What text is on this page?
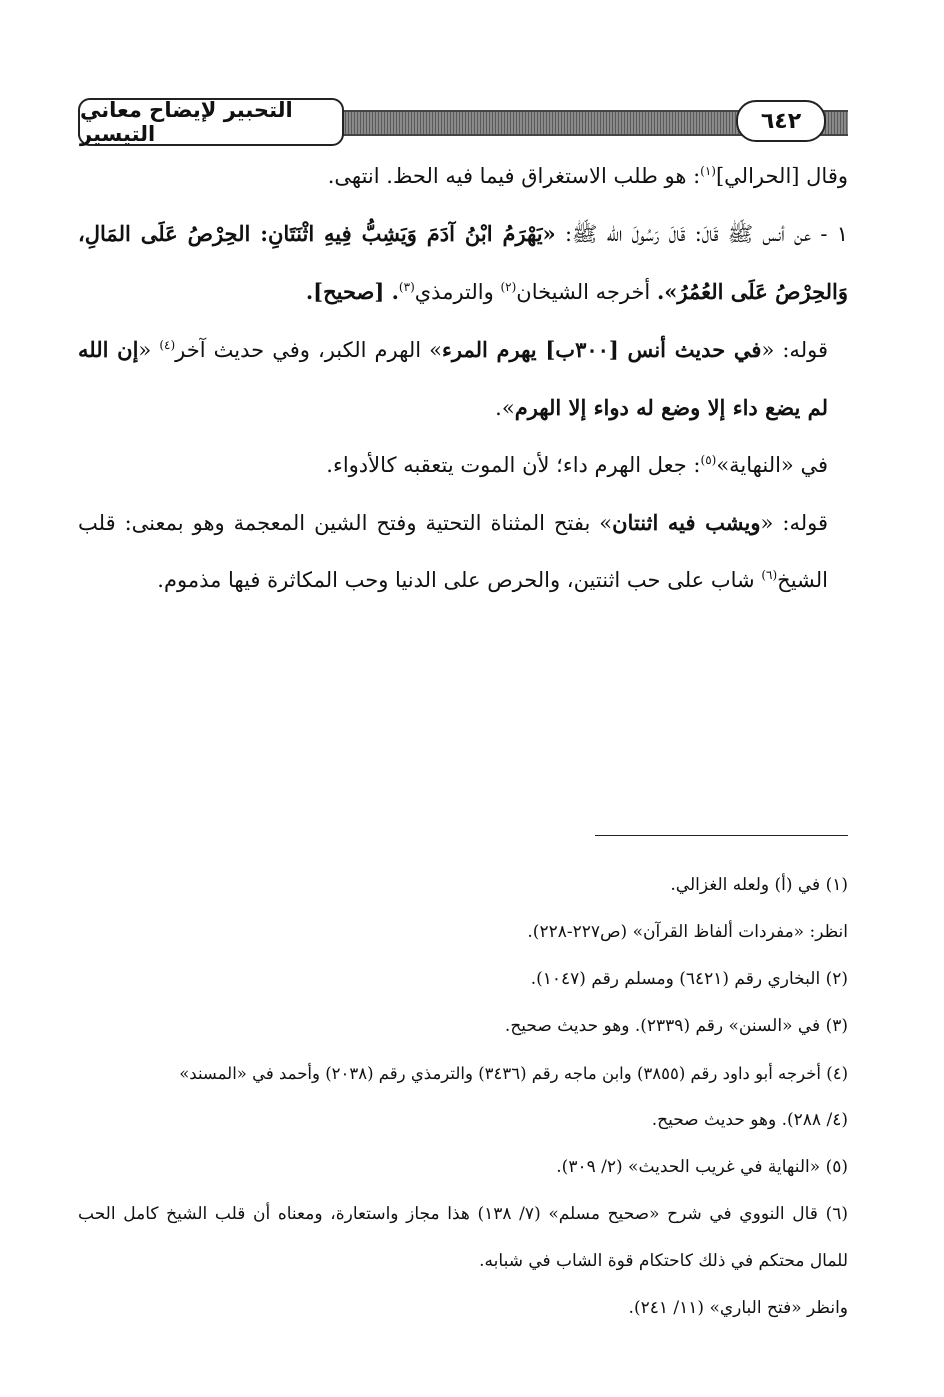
التحبير لإيضاح معاني التيسير
٦٤٢

وقال [الحرالي]$^{(١)}$: هو طلب الاستغراق فيما فيه الحظ. انتهى.

١ - عن أنس ﷺ قَالَ: قَالَ رَسُولَ الله ﷺ: «يَهْرَمُ ابْنُ آدَمَ وَيَشِبُّ فِيهِ اثْنَتَانِ: الحِرْصُ عَلَى المَالِ، وَالحِرْصُ عَلَى العُمُرُ». أخرجه الشيخان$^{(٢)}$ والترمذي$^{(٣)}$. [صحيح].

قوله: «في حديث أنس [٣٠٠ب] يهرم المرء» الهرم الكبر، وفي حديث آخر$^{(٤)}$ «إن الله لم يضع داء إلا وضع له دواء إلا الهرم».

في «النهاية»$^{(٥)}$: جعل الهرم داء؛ لأن الموت يتعقبه كالأدواء.

قوله: «ويشب فيه اثنتان» بفتح المثناة التحتية وفتح الشين المعجمة وهو بمعنى: قلب الشيخ$^{(٦)}$ شاب على حب اثنتين، والحرص على الدنيا وحب المكاثرة فيها مذموم.

(١) في (أ) ولعله الغزالي.

انظر: «مفردات ألفاظ القرآن» (ص٢٢٧-٢٢٨).

(٢) البخاري رقم (٦٤٢١) ومسلم رقم (١٠٤٧).

(٣) في «السنن» رقم (٢٣٣٩). وهو حديث صحيح.

(٤) أخرجه أبو داود رقم (٣٨٥٥) وابن ماجه رقم (٣٤٣٦) والترمذي رقم (٢٠٣٨) وأحمد في «المسند»

(٤/ ٢٨٨). وهو حديث صحيح.

(٥) «النهاية في غريب الحديث» (٢/ ٣٠٩).

(٦) قال النووي في شرح «صحيح مسلم» (٧/ ١٣٨) هذا مجاز واستعارة، ومعناه أن قلب الشيخ كامل الحب للمال محتكم في ذلك كاحتكام قوة الشاب في شبابه.

وانظر «فتح الباري» (١١/ ٢٤١).
